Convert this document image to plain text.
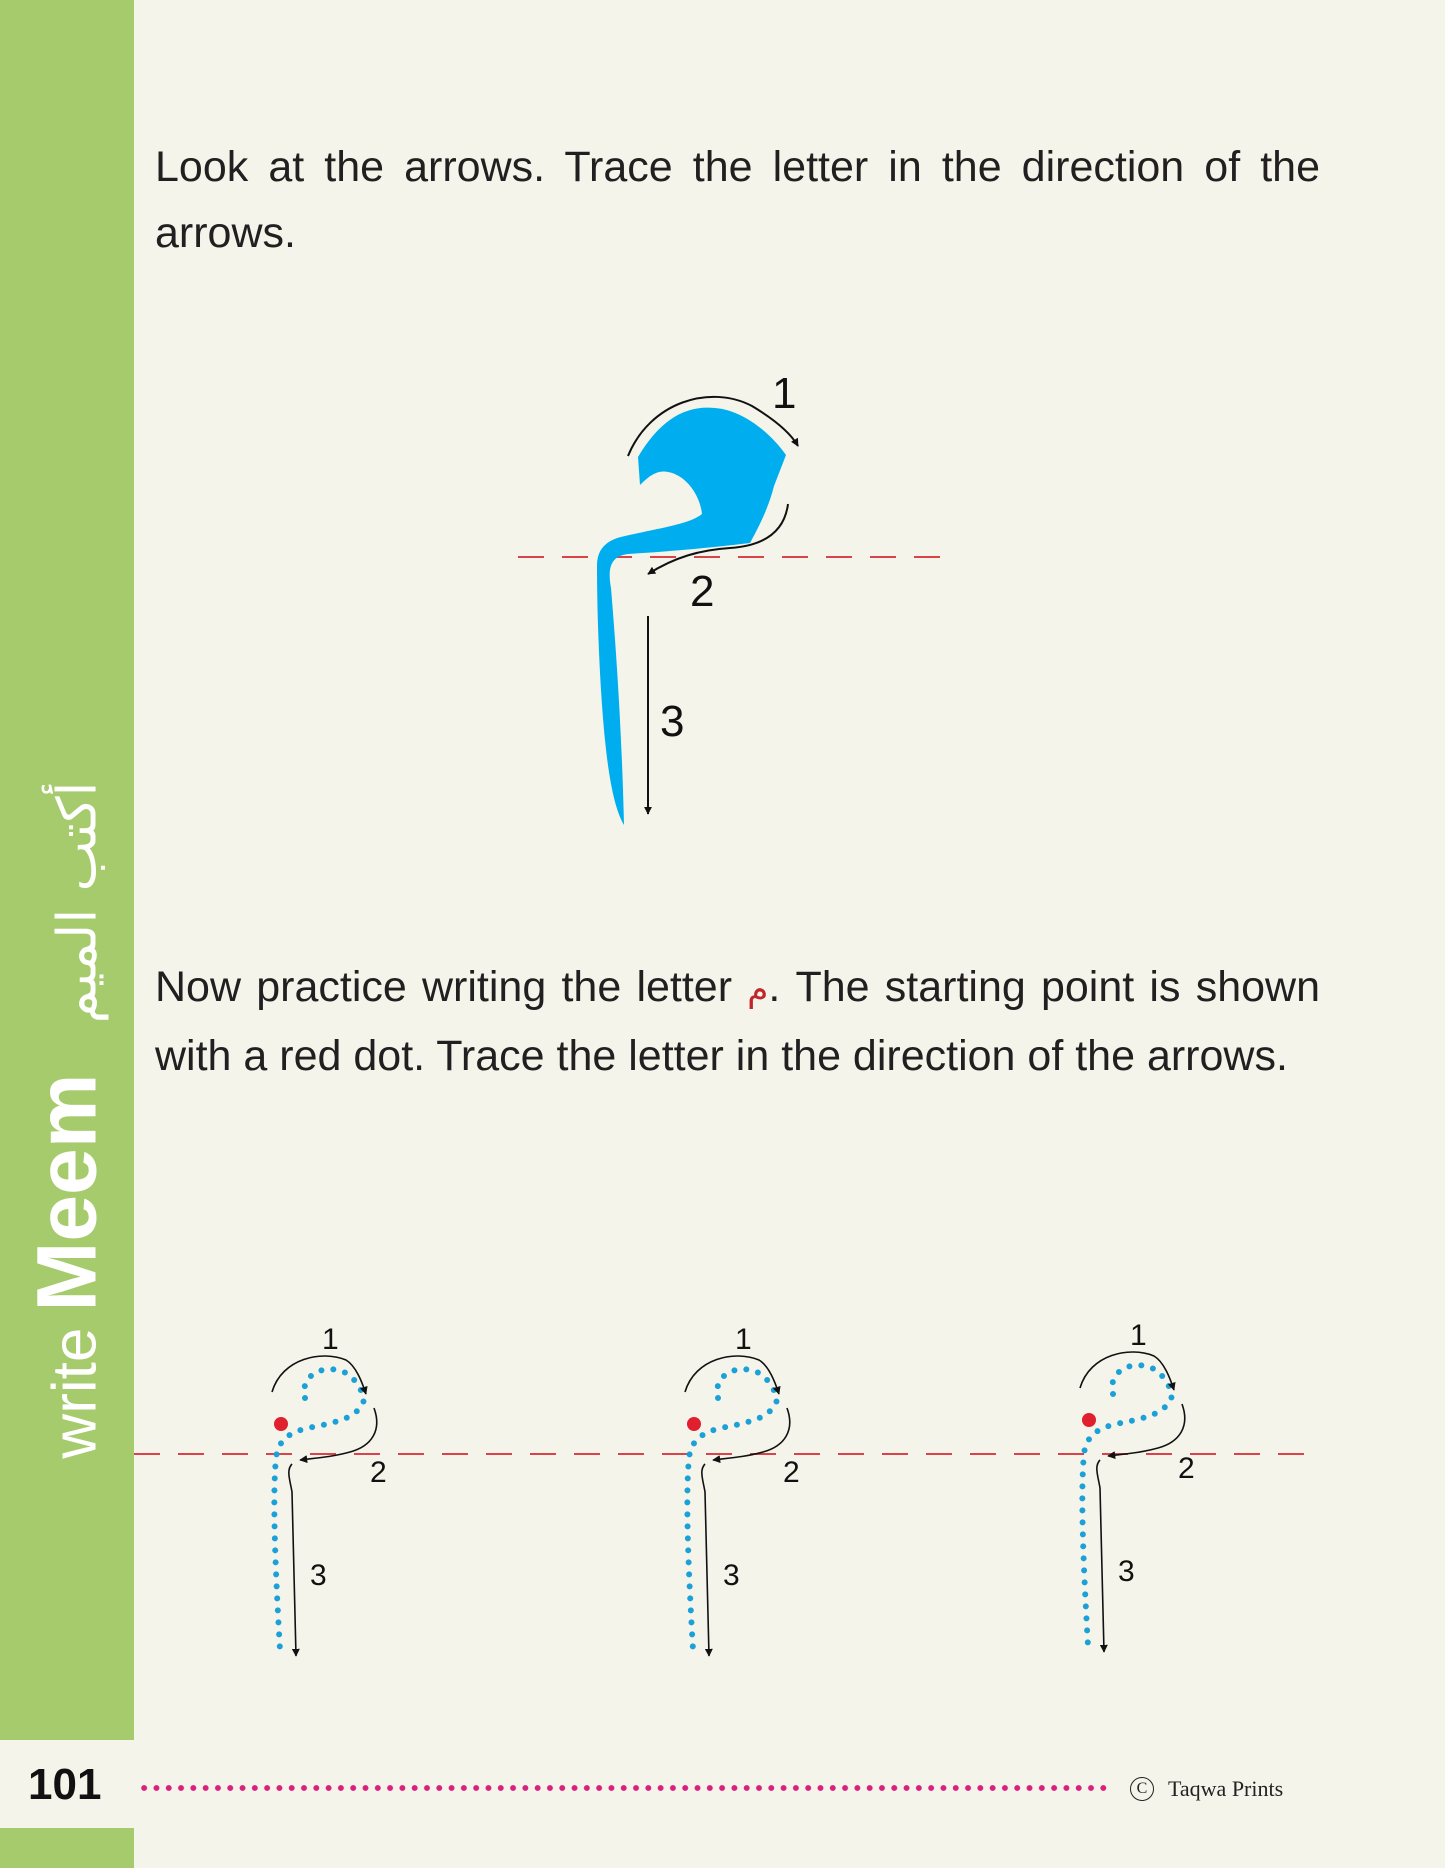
write
Meem
أكتب الميم

Look at the arrows. Trace the letter in the direction of the arrows.

Now practice writing the letter م. The starting point is shown with a red dot. Trace the letter in the direction of the arrows.

1
2
3
1
2
3
1
2
3
1
2
3
101	C Taqwa Prints
